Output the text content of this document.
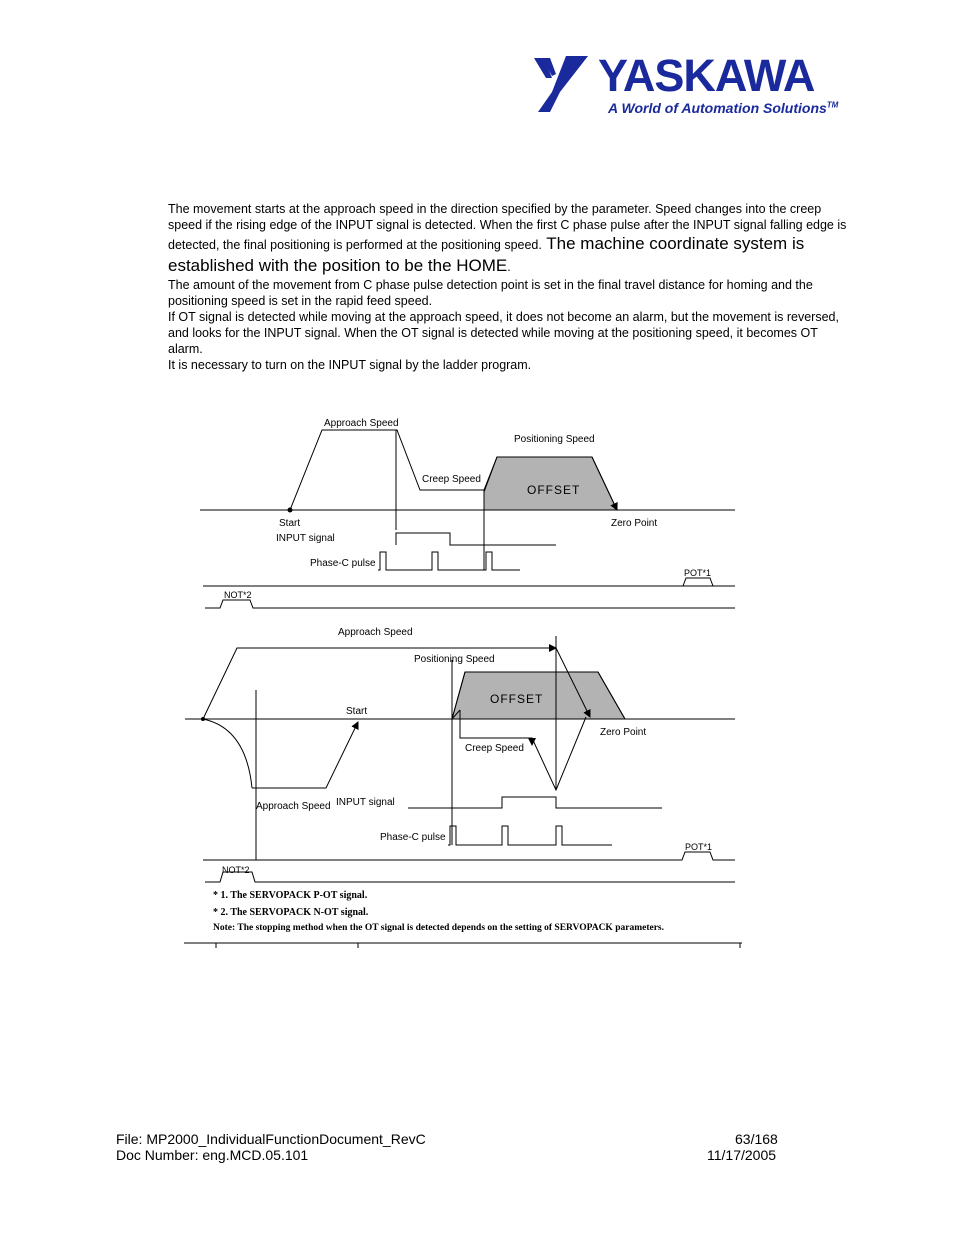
YASKAWA
A World of Automation Solutions™
The movement starts at the approach speed in the direction specified by the parameter. Speed changes into the creep speed if the rising edge of the INPUT signal is detected. When the first C phase pulse after the INPUT signal falling edge is detected, the final positioning is performed at the positioning speed. The machine coordinate system is established with the position to be the HOME.
The amount of the movement from C phase pulse detection point is set in the final travel distance for homing and the positioning speed is set in the rapid feed speed.
If OT signal is detected while moving at the approach speed, it does not become an alarm, but the movement is reversed, and looks for the INPUT signal. When the OT signal is detected while moving at the positioning speed, it becomes OT alarm.
It is necessary to turn on the INPUT signal by the ladder program.
Approach Speed
Positioning Speed
Creep Speed
OFFSET
Start	Zero Point
INPUT signal
Phase-C pulse
POT*1
NOT*2
Approach Speed
Positioning Speed
OFFSET
Start
Zero Point
Creep Speed
Approach Speed INPUT signal
Phase-C pulse
POT*1
NOT*2
* 1. The SERVOPACK P-OT signal.
* 2. The SERVOPACK N-OT signal.
Note: The stopping method when the OT signal is detected depends on the setting of SERVOPACK parameters.
File: MP2000_IndividualFunctionDocument_RevC
Doc Number: eng.MCD.05.101
63/168
11/17/2005
